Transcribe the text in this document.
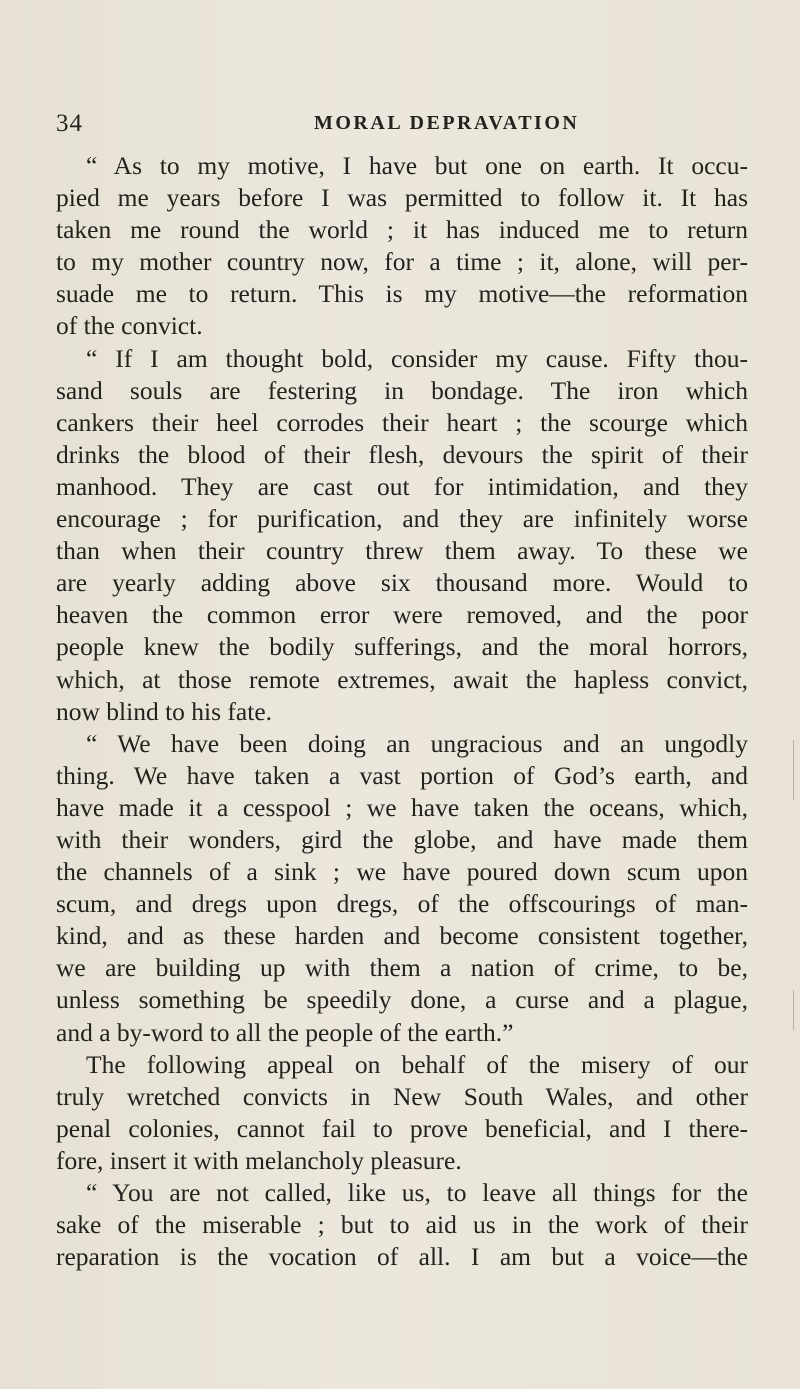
34	MORAL DEPRAVATION
“ As to my motive, I have but one on earth. It occu-
pied me years before I was permitted to follow it. It has
taken me round the world ; it has induced me to return
to my mother country now, for a time ; it, alone, will per-
suade me to return. This is my motive—the reformation
of the convict.
“ If I am thought bold, consider my cause. Fifty thou-
sand souls are festering in bondage. The iron which
cankers their heel corrodes their heart ; the scourge which
drinks the blood of their flesh, devours the spirit of their
manhood. They are cast out for intimidation, and they
encourage ; for purification, and they are infinitely worse
than when their country threw them away. To these we
are yearly adding above six thousand more. Would to
heaven the common error were removed, and the poor
people knew the bodily sufferings, and the moral horrors,
which, at those remote extremes, await the hapless convict,
now blind to his fate.
“ We have been doing an ungracious and an ungodly
thing. We have taken a vast portion of God’s earth, and
have made it a cesspool ; we have taken the oceans, which,
with their wonders, gird the globe, and have made them
the channels of a sink ; we have poured down scum upon
scum, and dregs upon dregs, of the offscourings of man-
kind, and as these harden and become consistent together,
we are building up with them a nation of crime, to be,
unless something be speedily done, a curse and a plague,
and a by-word to all the people of the earth.”
The following appeal on behalf of the misery of our
truly wretched convicts in New South Wales, and other
penal colonies, cannot fail to prove beneficial, and I there-
fore, insert it with melancholy pleasure.
“ You are not called, like us, to leave all things for the
sake of the miserable ; but to aid us in the work of their
reparation is the vocation of all. I am but a voice—the
